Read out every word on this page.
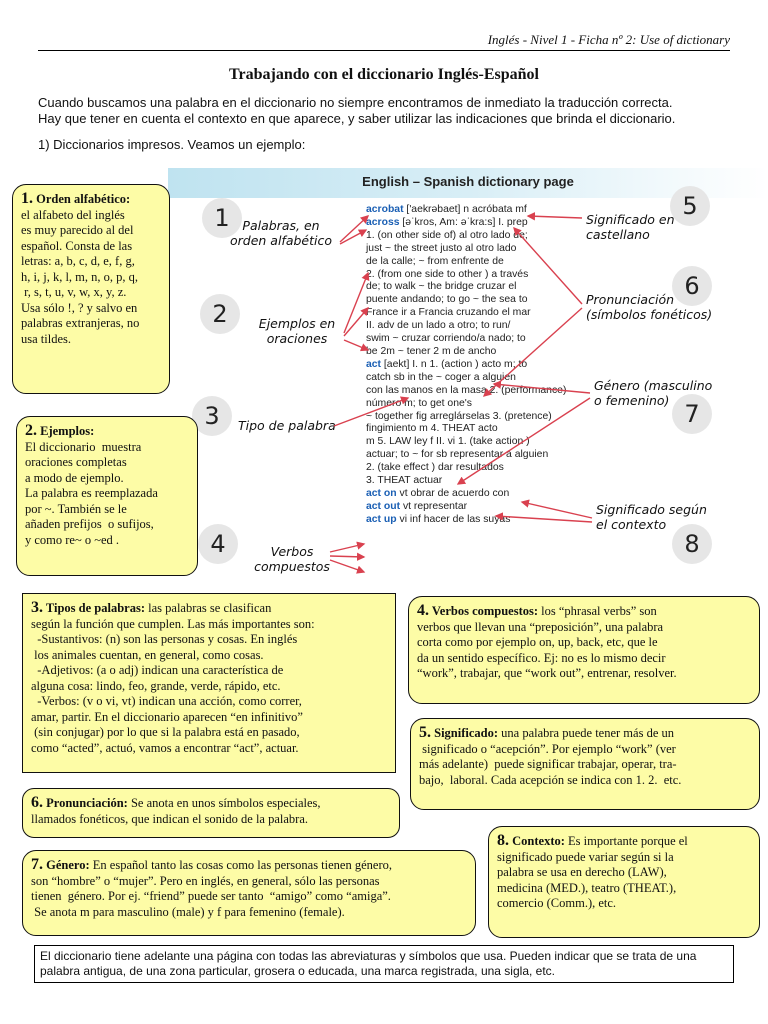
Inglés - Nivel 1 - Ficha nº 2: Use of dictionary
Trabajando con el diccionario Inglés-Español
Cuando buscamos una palabra en el diccionario no siempre encontramos de inmediato la traducción correcta.
Hay que tener en cuenta el contexto en que aparece, y saber utilizar las indicaciones que brinda el diccionario.
1) Diccionarios impresos. Veamos un ejemplo:
English – Spanish dictionary page
1	Palabras, en
orden alfabético
2	Ejemplos en
oraciones
3	Tipo de palabra
4	Verbos
compuestos
5
Significado en
castellano
6
Pronunciación
(símbolos fonéticos)
7
Género (masculino
o femenino)
8
Significado según
el contexto
acrobat ['aekrəbaet] n acróbata mf
across [əˈkros, Am: əˈkra:s] I. prep
1. (on other side of) al otro lado de;
just ~ the street justo al otro lado
de la calle; ~ from enfrente de
2. (from one side to other ) a través
de; to walk ~ the bridge cruzar el
puente andando; to go ~ the sea to
France ir a Francia cruzando el mar
II. adv de un lado a otro; to run/
swim ~ cruzar corriendo/a nado; to
be 2m ~ tener 2 m de ancho
act [aekt] I. n 1. (action ) acto m; to
catch sb in the ~ coger a alguien
con las manos en la masa 2. (performance)
número m; to get one's
~ together fig arreglárselas 3. (pretence)
fingimiento m 4. THEAT acto
m 5. LAW ley f II. vi 1. (take action )
actuar; to ~ for sb representar a alguien
2. (take effect ) dar resultados
3. THEAT actuar
act on vt obrar de acuerdo con
act out vt representar
act up vi inf hacer de las suyas
1. Orden alfabético:
el alfabeto del inglés
es muy parecido al del
español. Consta de las
letras: a, b, c, d, e, f, g,
h, i, j, k, l, m, n, o, p, q,
r, s, t, u, v, w, x, y, z.
Usa sólo !, ? y salvo en
palabras extranjeras, no
usa tildes.
2. Ejemplos:
El diccionario  muestra
oraciones completas
a modo de ejemplo.
La palabra es reemplazada
por ~. También se le
añaden prefijos  o sufijos,
y como re~ o ~ed .
3. Tipos de palabras: las palabras se clasifican
según la función que cumplen. Las más importantes son:
-Sustantivos: (n) son las personas y cosas. En inglés
los animales cuentan, en general, como cosas.
-Adjetivos: (a o adj) indican una característica de
alguna cosa: lindo, feo, grande, verde, rápido, etc.
-Verbos: (v o vi, vt) indican una acción, como correr,
amar, partir. En el diccionario aparecen “en infinitivo”
(sin conjugar) por lo que si la palabra está en pasado,
como “acted”, actuó, vamos a encontrar “act”, actuar.
4. Verbos compuestos: los “phrasal verbs” son
verbos que llevan una “preposición”, una palabra
corta como por ejemplo on, up, back, etc, que le
da un sentido específico. Ej: no es lo mismo decir
“work”, trabajar, que “work out”, entrenar, resolver.
5. Significado: una palabra puede tener más de un
significado o “acepción”. Por ejemplo “work” (ver
más adelante)  puede significar trabajar, operar, tra-
bajo,  laboral. Cada acepción se indica con 1. 2.  etc.
6. Pronunciación: Se anota en unos símbolos especiales,
llamados fonéticos, que indican el sonido de la palabra.
8. Contexto: Es importante porque el
significado puede variar según si la
palabra se usa en derecho (LAW),
medicina (MED.), teatro (THEAT.),
comercio (Comm.), etc.
7. Género: En español tanto las cosas como las personas tienen género,
son “hombre” o “mujer”. Pero en inglés, en general, sólo las personas
tienen  género. Por ej. “friend” puede ser tanto  “amigo” como “amiga”.
Se anota m para masculino (male) y f para femenino (female).
El diccionario tiene adelante una página con todas las abreviaturas y símbolos que usa. Pueden indicar que se trata de una palabra antigua, de una zona particular, grosera o educada, una marca registrada, una sigla, etc.
